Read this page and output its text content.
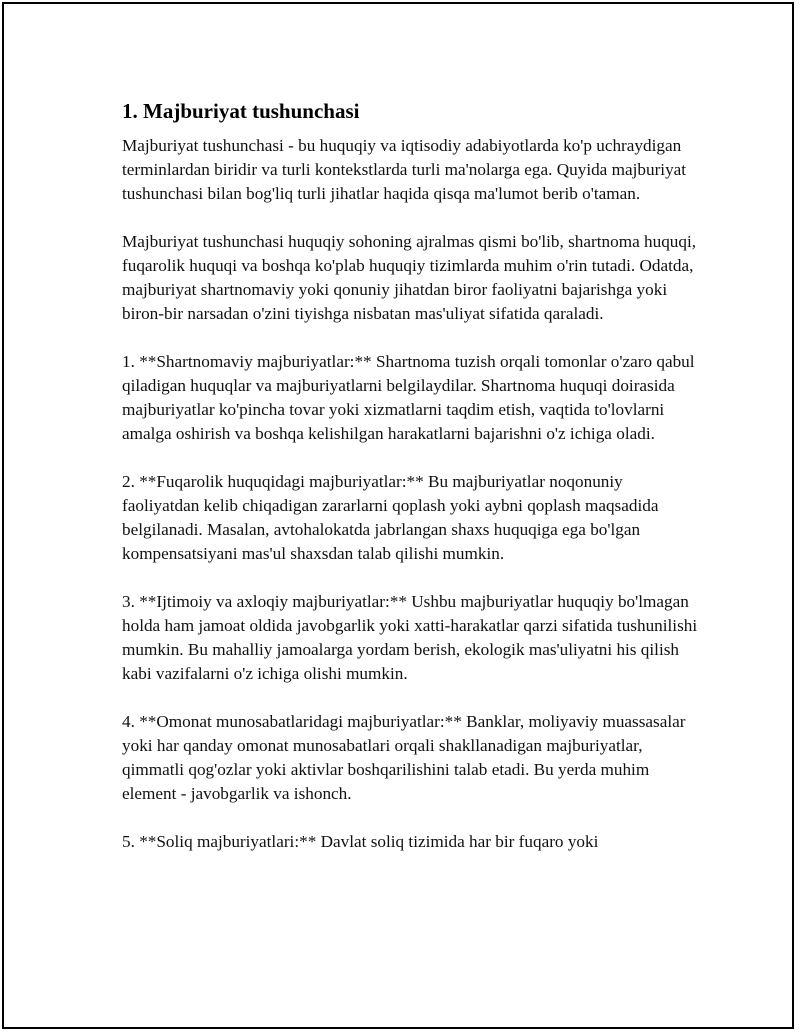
1. Majburiyat tushunchasi

Majburiyat tushunchasi - bu huquqiy va iqtisodiy adabiyotlarda ko'p uchraydigan terminlardan biridir va turli kontekstlarda turli ma'nolarga ega. Quyida majburiyat tushunchasi bilan bog'liq turli jihatlar haqida qisqa ma'lumot berib o'taman.

Majburiyat tushunchasi huquqiy sohoning ajralmas qismi bo'lib, shartnoma huquqi, fuqarolik huquqi va boshqa ko'plab huquqiy tizimlarda muhim o'rin tutadi. Odatda, majburiyat shartnomaviy yoki qonuniy jihatdan biror faoliyatni bajarishga yoki biron-bir narsadan o'zini tiyishga nisbatan mas'uliyat sifatida qaraladi.

1. **Shartnomaviy majburiyatlar:** Shartnoma tuzish orqali tomonlar o'zaro qabul qiladigan huquqlar va majburiyatlarni belgilaydilar. Shartnoma huquqi doirasida majburiyatlar ko'pincha tovar yoki xizmatlarni taqdim etish, vaqtida to'lovlarni amalga oshirish va boshqa kelishilgan harakatlarni bajarishni o'z ichiga oladi.

2. **Fuqarolik huquqidagi majburiyatlar:** Bu majburiyatlar noqonuniy faoliyatdan kelib chiqadigan zararlarni qoplash yoki aybni qoplash maqsadida belgilanadi. Masalan, avtohalokatda jabrlangan shaxs huquqiga ega bo'lgan kompensatsiyani mas'ul shaxsdan talab qilishi mumkin.

3. **Ijtimoiy va axloqiy majburiyatlar:** Ushbu majburiyatlar huquqiy bo'lmagan holda ham jamoat oldida javobgarlik yoki xatti-harakatlar qarzi sifatida tushunilishi mumkin. Bu mahalliy jamoalarga yordam berish, ekologik mas'uliyatni his qilish kabi vazifalarni o'z ichiga olishi mumkin.

4. **Omonat munosabatlaridagi majburiyatlar:** Banklar, moliyaviy muassasalar yoki har qanday omonat munosabatlari orqali shakllanadigan majburiyatlar, qimmatli qog'ozlar yoki aktivlar boshqarilishini talab etadi. Bu yerda muhim element - javobgarlik va ishonch.

5. **Soliq majburiyatlari:** Davlat soliq tizimida har bir fuqaro yoki
